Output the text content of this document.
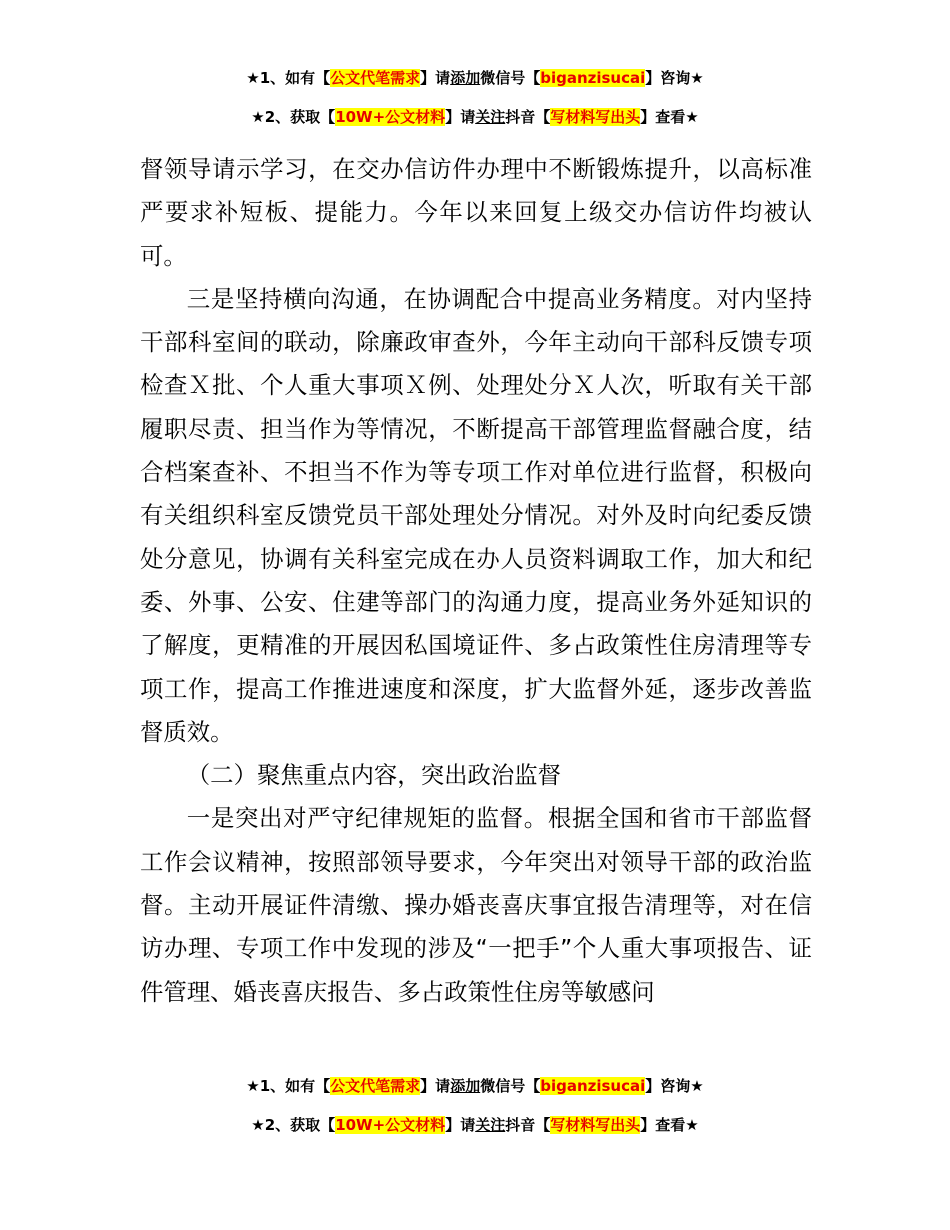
★1、如有【公文代笔需求】请添加微信号【biganzisucai】咨询★
★2、获取【10W+公文材料】请关注抖音【写材料写出头】查看★

督领导请示学习，在交办信访件办理中不断锻炼提升，以高标准严要求补短板、提能力。今年以来回复上级交办信访件均被认可。

三是坚持横向沟通，在协调配合中提高业务精度。对内坚持干部科室间的联动，除廉政审查外，今年主动向干部科反馈专项检查Ｘ批、个人重大事项Ｘ例、处理处分Ｘ人次，听取有关干部履职尽责、担当作为等情况，不断提高干部管理监督融合度，结合档案查补、不担当不作为等专项工作对单位进行监督，积极向有关组织科室反馈党员干部处理处分情况。对外及时向纪委反馈处分意见，协调有关科室完成在办人员资料调取工作，加大和纪委、外事、公安、住建等部门的沟通力度，提高业务外延知识的了解度，更精准的开展因私国境证件、多占政策性住房清理等专项工作，提高工作推进速度和深度，扩大监督外延，逐步改善监督质效。

（二）聚焦重点内容，突出政治监督

一是突出对严守纪律规矩的监督。根据全国和省市干部监督工作会议精神，按照部领导要求，今年突出对领导干部的政治监督。主动开展证件清缴、操办婚丧喜庆事宜报告清理等，对在信访办理、专项工作中发现的涉及“一把手”个人重大事项报告、证件管理、婚丧喜庆报告、多占政策性住房等敏感问

★1、如有【公文代笔需求】请添加微信号【biganzisucai】咨询★
★2、获取【10W+公文材料】请关注抖音【写材料写出头】查看★
